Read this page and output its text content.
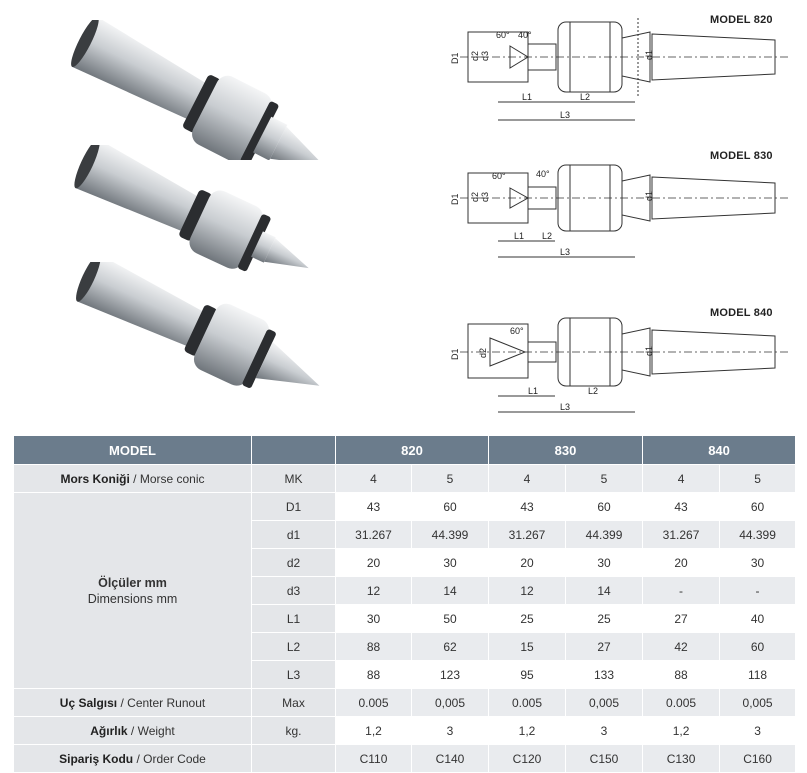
MODEL 820
D1 d2 d3	d1
60° 40°
L1	L2
L3
MODEL 830
D1 d2 d3	d1
60°	40°
L1 L2
L3
MODEL 840
D1 d2	d1
60°
L1	L2
L3
MODEL		820		830		840	
Mors Koniği / Morse conic	MK	4	5	4	5	4	5
Ölçüler mm
Dimensions mm	D1	43	60	43	60	43	60
	d1	31.267	44.399	31.267	44.399	31.267	44.399
	d2	20	30	20	30	20	30
	d3	12	14	12	14	-	-
	L1	30	50	25	25	27	40
	L2	88	62	15	27	42	60
	L3	88	123	95	133	88	118
Uç Salgısı / Center Runout	Max	0.005	0,005	0.005	0,005	0.005	0,005
Ağırlık / Weight	kg.	1,2	3	1,2	3	1,2	3
Sipariş Kodu / Order Code		C110	C140	C120	C150	C130	C160
